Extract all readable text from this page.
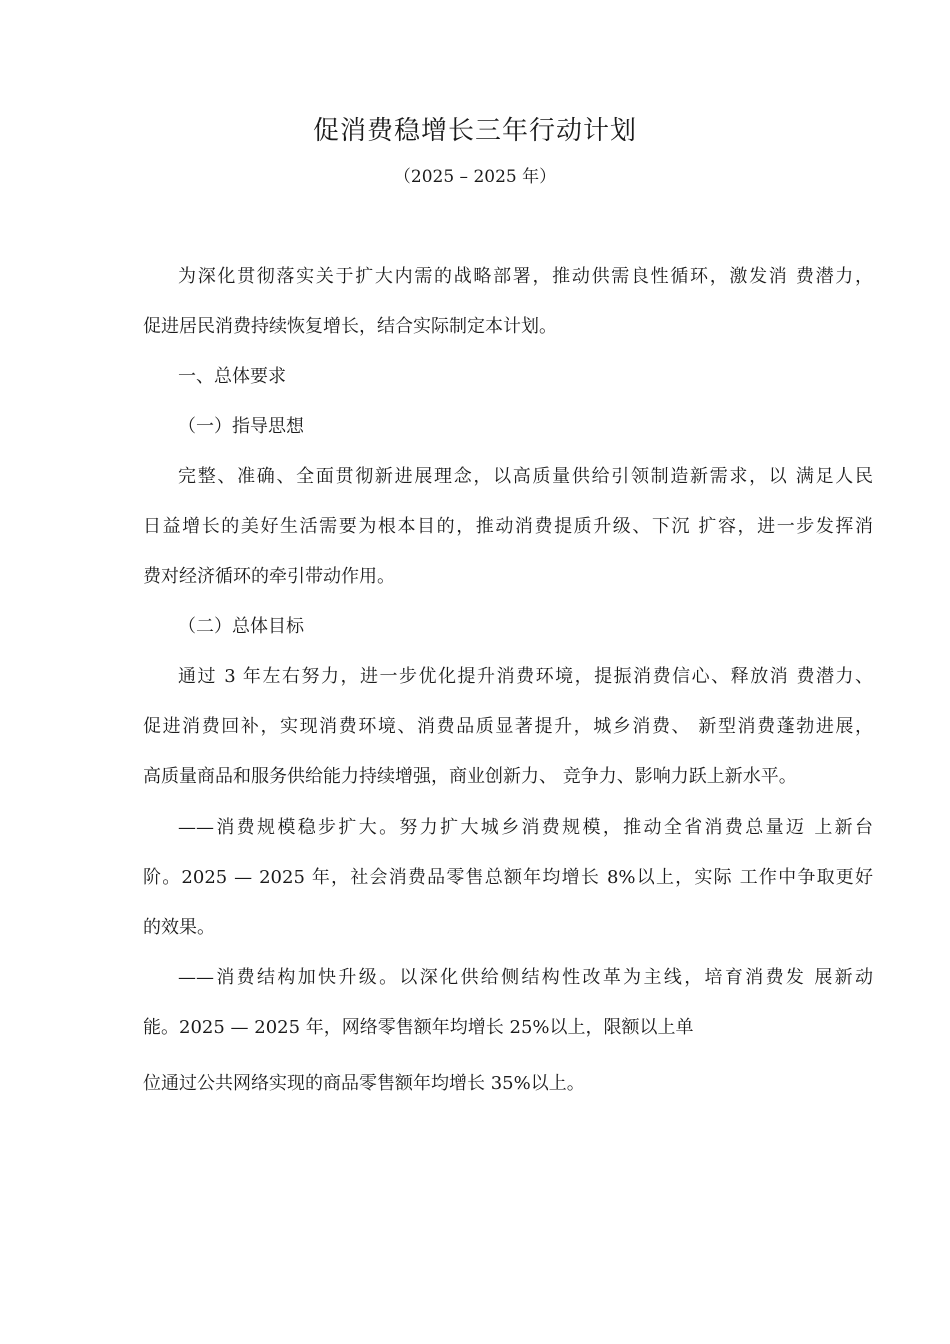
促消费稳增长三年行动计划
（2025 – 2025 年）
为深化贯彻落实关于扩大内需的战略部署，推动供需良性循环，激发消 费潜力，
促进居民消费持续恢复增长，结合实际制定本计划。
一、总体要求
（一）指导思想
完整、准确、全面贯彻新进展理念，以高质量供给引领制造新需求，以 满足人民
日益增长的美好生活需要为根本目的，推动消费提质升级、下沉 扩容，进一步发挥消
费对经济循环的牵引带动作用。
（二）总体目标
通过 3 年左右努力，进一步优化提升消费环境，提振消费信心、释放消 费潜力、
促进消费回补，实现消费环境、消费品质显著提升，城乡消费、 新型消费蓬勃进展，
高质量商品和服务供给能力持续增强，商业创新力、 竞争力、影响力跃上新水平。
——消费规模稳步扩大。努力扩大城乡消费规模，推动全省消费总量迈 上新台
阶。2025 — 2025 年，社会消费品零售总额年均增长 8%以上，实际 工作中争取更好
的效果。
——消费结构加快升级。以深化供给侧结构性改革为主线，培育消费发 展新动
能。2025 — 2025 年，网络零售额年均增长 25%以上，限额以上单
位通过公共网络实现的商品零售额年均增长 35%以上。
